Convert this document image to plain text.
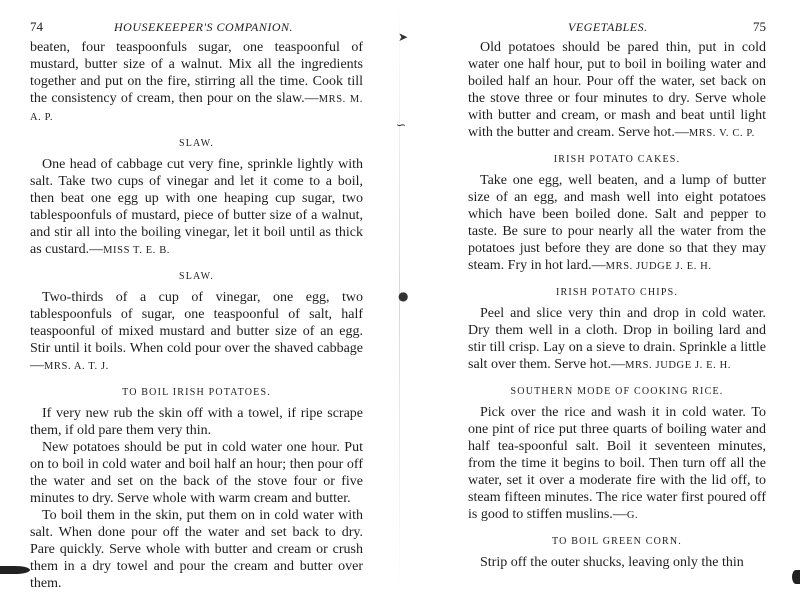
➤
∽
●
74	HOUSEKEEPER'S COMPANION.

beaten, four teaspoonfuls sugar, one teaspoonful of mustard, butter size of a walnut. Mix all the ingredients together and put on the fire, stirring all the time. Cook till the consistency of cream, then pour on the slaw.—MRS. M. A. P.

SLAW.

One head of cabbage cut very fine, sprinkle lightly with salt. Take two cups of vinegar and let it come to a boil, then beat one egg up with one heaping cup sugar, two tablespoonfuls of mustard, piece of butter size of a walnut, and stir all into the boiling vinegar, let it boil until as thick as custard.—MISS T. E. B.

SLAW.

Two-thirds of a cup of vinegar, one egg, two tablespoonfuls of sugar, one teaspoonful of salt, half teaspoonful of mixed mustard and butter size of an egg. Stir until it boils. When cold pour over the shaved cabbage—MRS. A. T. J.

TO BOIL IRISH POTATOES.

If very new rub the skin off with a towel, if ripe scrape them, if old pare them very thin.

New potatoes should be put in cold water one hour. Put on to boil in cold water and boil half an hour; then pour off the water and set on the back of the stove four or five minutes to dry. Serve whole with warm cream and butter.

To boil them in the skin, put them on in cold water with salt. When done pour off the water and set back to dry. Pare quickly. Serve whole with butter and cream or crush them in a dry towel and pour the cream and butter over them.

VEGETABLES.	75

Old potatoes should be pared thin, put in cold water one half hour, put to boil in boiling water and boiled half an hour. Pour off the water, set back on the stove three or four minutes to dry. Serve whole with butter and cream, or mash and beat until light with the butter and cream. Serve hot.—MRS. V. C. P.

IRISH POTATO CAKES.

Take one egg, well beaten, and a lump of butter size of an egg, and mash well into eight potatoes which have been boiled done. Salt and pepper to taste. Be sure to pour nearly all the water from the potatoes just before they are done so that they may steam. Fry in hot lard.—MRS. JUDGE J. E. H.

IRISH POTATO CHIPS.

Peel and slice very thin and drop in cold water. Dry them well in a cloth. Drop in boiling lard and stir till crisp. Lay on a sieve to drain. Sprinkle a little salt over them. Serve hot.—MRS. JUDGE J. E. H.

SOUTHERN MODE OF COOKING RICE.

Pick over the rice and wash it in cold water. To one pint of rice put three quarts of boiling water and half tea-spoonful salt. Boil it seventeen minutes, from the time it begins to boil. Then turn off all the water, set it over a moderate fire with the lid off, to steam fifteen minutes. The rice water first poured off is good to stiffen muslins.—G.

TO BOIL GREEN CORN.

Strip off the outer shucks, leaving only the thin
